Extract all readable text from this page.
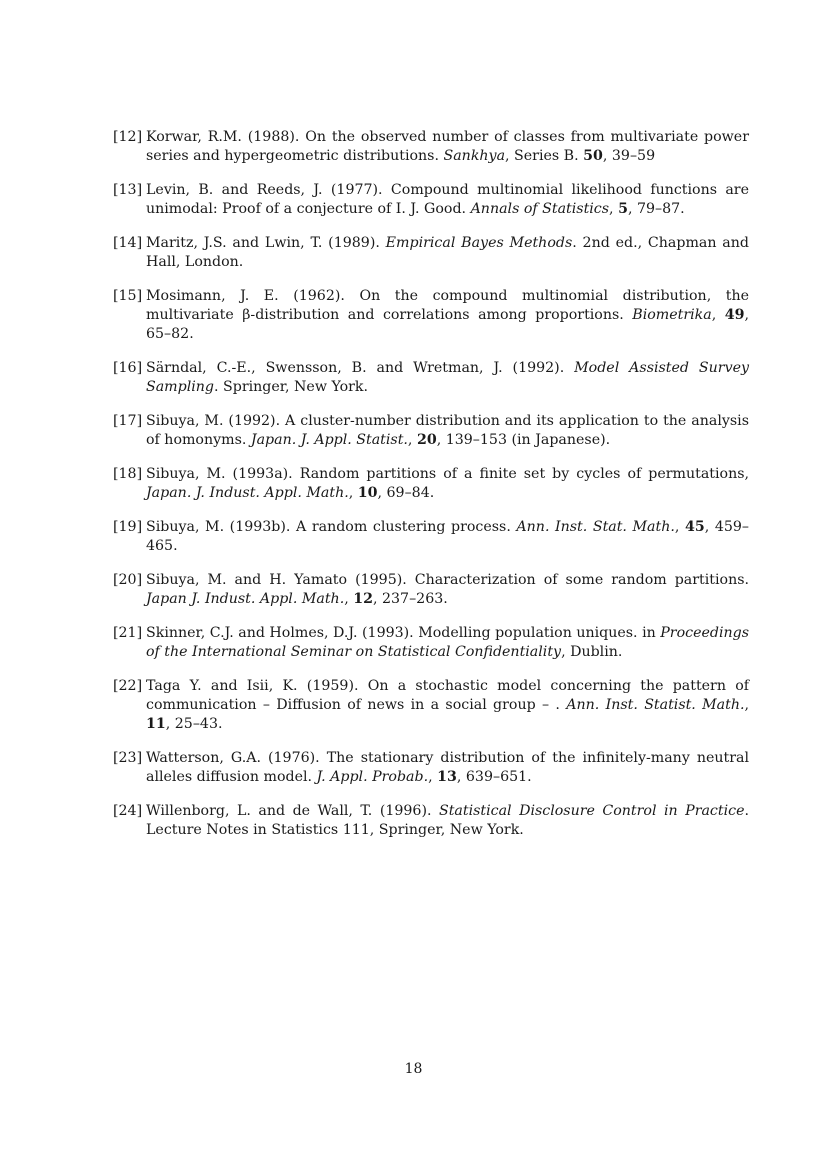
[12] Korwar, R.M. (1988). On the observed number of classes from multivariate power series and hypergeometric distributions. Sankhya, Series B. 50, 39–59
[13] Levin, B. and Reeds, J. (1977). Compound multinomial likelihood functions are unimodal: Proof of a conjecture of I. J. Good. Annals of Statistics, 5, 79–87.
[14] Maritz, J.S. and Lwin, T. (1989). Empirical Bayes Methods. 2nd ed., Chapman and Hall, London.
[15] Mosimann, J. E. (1962). On the compound multinomial distribution, the multivariate β-distribution and correlations among proportions. Biometrika, 49, 65–82.
[16] Särndal, C.-E., Swensson, B. and Wretman, J. (1992). Model Assisted Survey Sampling. Springer, New York.
[17] Sibuya, M. (1992). A cluster-number distribution and its application to the analysis of homonyms. Japan. J. Appl. Statist., 20, 139–153 (in Japanese).
[18] Sibuya, M. (1993a). Random partitions of a finite set by cycles of permutations, Japan. J. Indust. Appl. Math., 10, 69–84.
[19] Sibuya, M. (1993b). A random clustering process. Ann. Inst. Stat. Math., 45, 459–465.
[20] Sibuya, M. and H. Yamato (1995). Characterization of some random partitions. Japan J. Indust. Appl. Math., 12, 237–263.
[21] Skinner, C.J. and Holmes, D.J. (1993). Modelling population uniques. in Proceedings of the International Seminar on Statistical Confidentiality, Dublin.
[22] Taga Y. and Isii, K. (1959). On a stochastic model concerning the pattern of communication – Diffusion of news in a social group – . Ann. Inst. Statist. Math., 11, 25–43.
[23] Watterson, G.A. (1976). The stationary distribution of the infinitely-many neutral alleles diffusion model. J. Appl. Probab., 13, 639–651.
[24] Willenborg, L. and de Wall, T. (1996). Statistical Disclosure Control in Practice. Lecture Notes in Statistics 111, Springer, New York.
18
